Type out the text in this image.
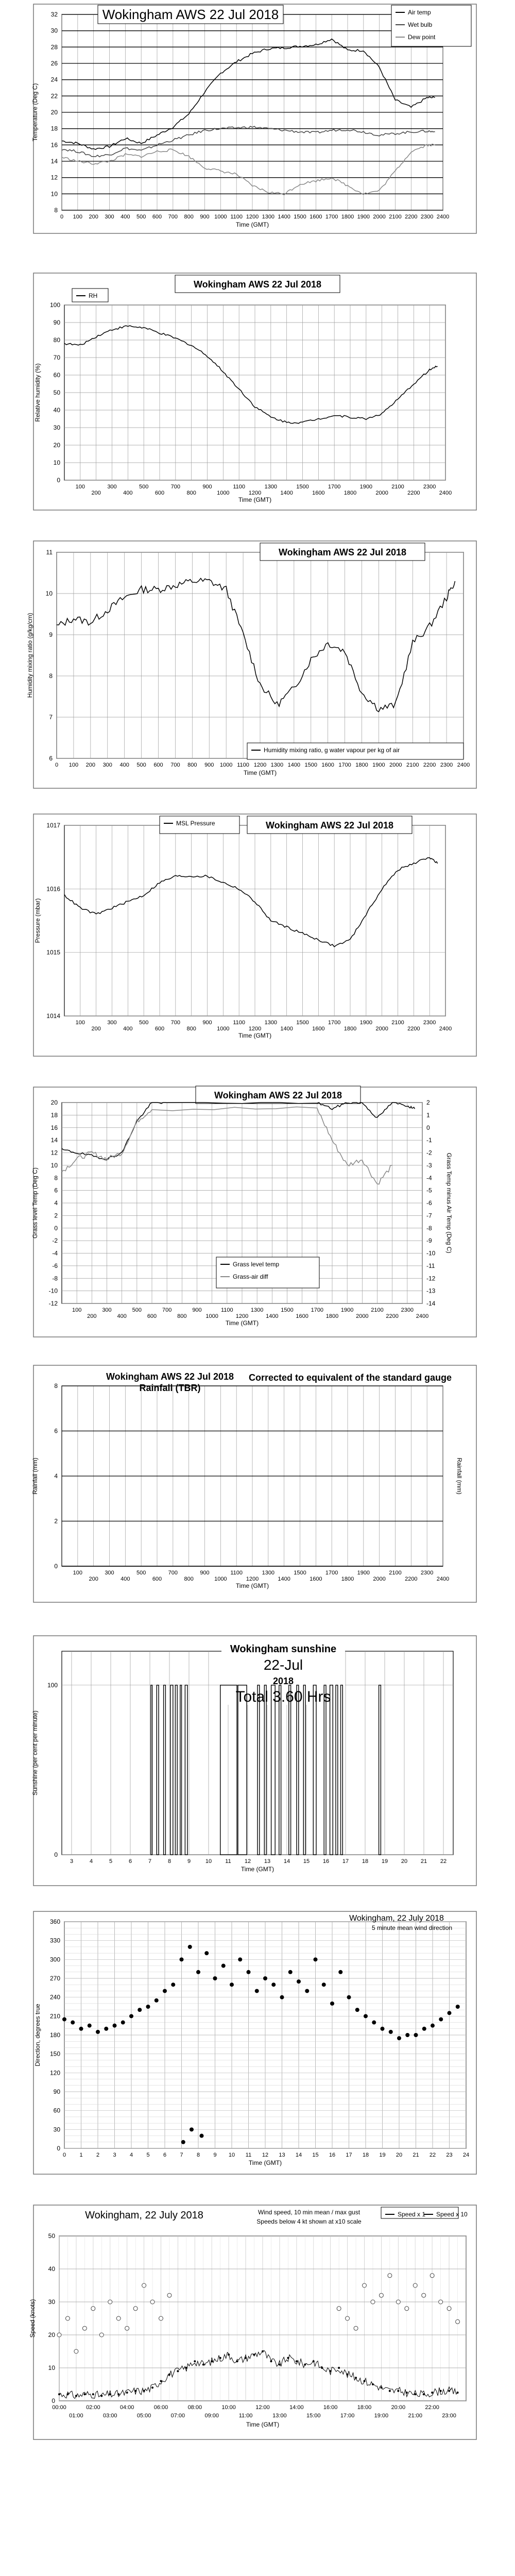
0 100 200 300 400 500 600 700 800 900 1000 1100 1200 1300 1400 1500 1600 1700 1800 1900 2000 2100 2200 2300 2400
8
10
12
14
16
18
20
22
24
26
28
30
32
Time (GMT)
Temperature (Deg C)
Wokingham AWS 22 Jul 2018	Air temp
Wet bulb
Dew point
100
200
300
400
500
600
700
800
900
1000
1100
1200
1300
1400
1500
1600
1700
1800
1900
2000
2100
2200
2300
2400
0
10
20
30
40
50
60
70
80
90
100
Time (GMT)
Relative humidity (%)
Wokingham AWS 22 Jul 2018
RH
0 100 200 300 400 500 600 700 800 900 1000 1100 1200 1300 1400 1500 1600 1700 1800 1900 2000 2100 2200 2300 2400
6
7
8
9
10
11
Time (GMT)
Humidity mixing ratio (g/kg/cm)
Wokingham AWS 22 Jul 2018
Humidity mixing ratio, g water vapour per kg of air
100
200
300
400
500
600
700
800
900
1000
1100
1200
1300
1400
1500
1600
1700
1800
1900
2000
2100
2200
2300
2400
1014
1015
1016
1017
Time (GMT)
Pressure (mbar)
Wokingham AWS 22 Jul 2018
MSL Pressure
100
200
300
400
500
600
700
800
900
1000
1100
1200
1300
1400
1500
1600
1700
1800
1900
2000
2100
2200
2300
2400
-12
-10
-8
-6
-4
-2
0
2
4
6
8
10
12
14
16
18
20
-14
-13
-12
-11
-10
-9
-8
-7
-6
-5
-4
-3
-2
-1
0
1
2
Grass Temp minus Air Temp (Deg C)
Time (GMT)
Grass level Temp (Deg C)
Wokingham AWS 22 Jul 2018
Grass level temp
Grass-air diff
100
200
300
400
500
600
700
800
900
1000
1100
1200
1300
1400
1500
1600
1700
1800
1900
2000
2100
2200
2300
2400
0
2
4
6
8
Rainfall (mm)
Time (GMT)
Rainfall (mm)
Wokingham AWS 22 Jul 2018
Rainfall (TBR)
Corrected to equivalent of the standard gauge
3	4	5	6	7	8	9	10 11 12 13 14 15 16 17 18 19 20 21 22
0
100
Time (GMT)
Sunshine (per cent per minute)
Wokingham sunshine
22-Jul
2018
Total 3.60 Hrs
0 1 2 3 4 5 6 7 8 9 10 11 12 13 14 15 16 17 18 19 20 21 22 23 24
0
30
60
90
120
150
180
210
240
270
300
330
360
Time (GMT)
Direction, degrees true
Wokingham, 22 July 2018
5 minute mean wind direction
00:00
01:00
02:00
03:00
04:00
05:00
06:00
07:00
08:00
09:00
10:00
11:00
12:00
13:00
14:00
15:00
16:00
17:00
18:00
19:00
20:00
21:00
22:00
23:00
0
10
20
30
40
50
Time (GMT)
Speed (knots)
Wokingham, 22 July 2018	Wind speed, 10 min mean / max gust
Speeds below 4 kt shown at x10 scale
Speed x 1 Speed x 10
